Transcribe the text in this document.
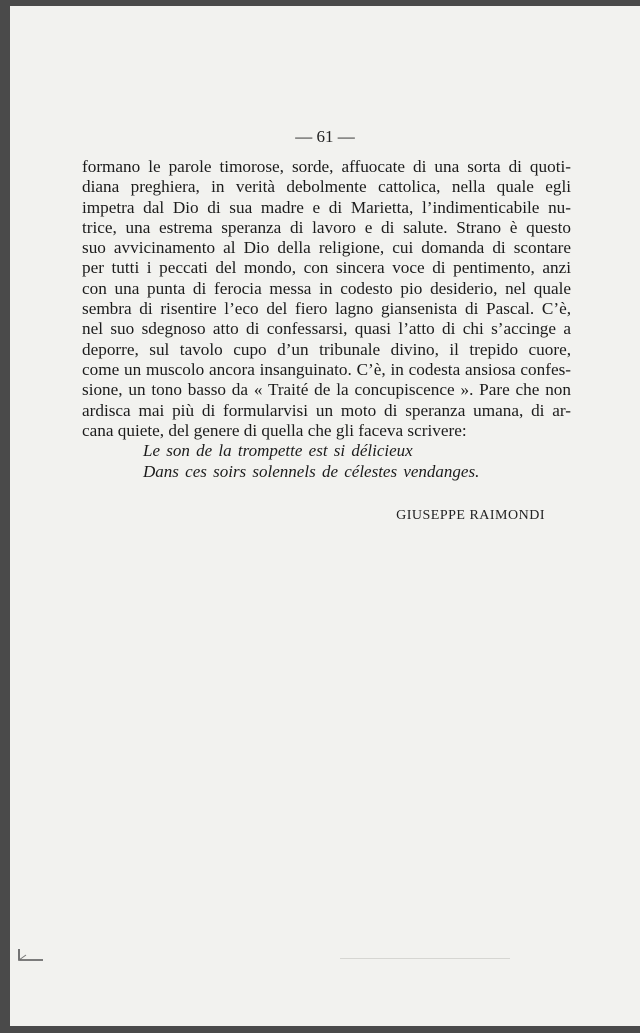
— 61 —
formano le parole timorose, sorde, affuocate di una sorta di quoti-
diana preghiera, in verità debolmente cattolica, nella quale egli
impetra dal Dio di sua madre e di Marietta, l’indimenticabile nu-
trice, una estrema speranza di lavoro e di salute. Strano è questo
suo avvicinamento al Dio della religione, cui domanda di scontare
per tutti i peccati del mondo, con sincera voce di pentimento, anzi
con una punta di ferocia messa in codesto pio desiderio, nel quale
sembra di risentire l’eco del fiero lagno giansenista di Pascal. C’è,
nel suo sdegnoso atto di confessarsi, quasi l’atto di chi s’accinge a
deporre, sul tavolo cupo d’un tribunale divino, il trepido cuore,
come un muscolo ancora insanguinato. C’è, in codesta ansiosa confes-
sione, un tono basso da « Traité de la concupiscence ». Pare che non
ardisca mai più di formularvisi un moto di speranza umana, di ar-
cana quiete, del genere di quella che gli faceva scrivere:
Le son de la trompette est si délicieux
Dans ces soirs solennels de célestes vendanges.
GIUSEPPE RAIMONDI
